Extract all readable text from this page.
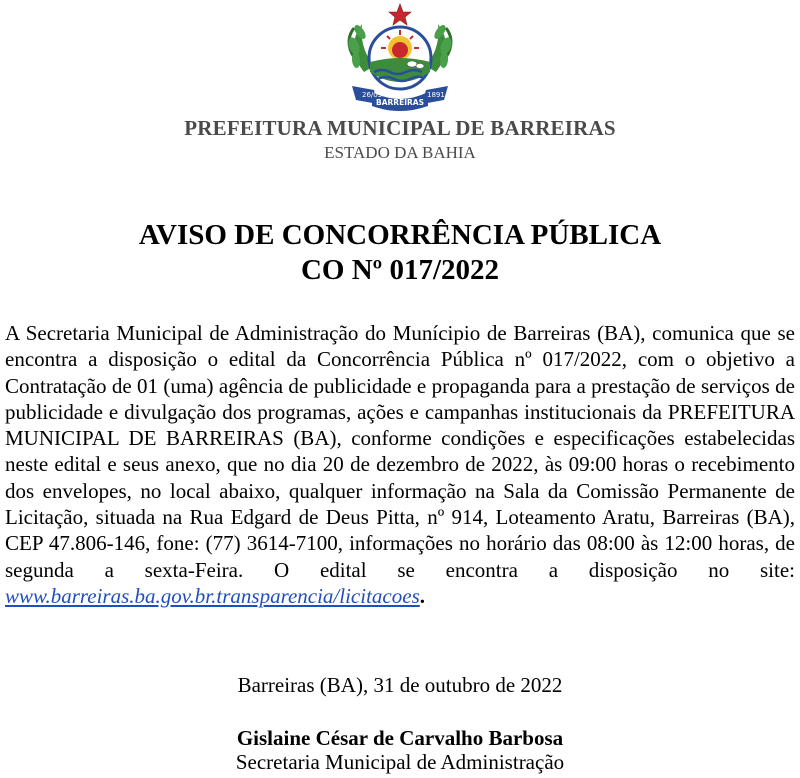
26/05	1891
BARREIRAS
PREFEITURA MUNICIPAL DE BARREIRAS
ESTADO DA BAHIA
AVISO DE CONCORRÊNCIA PÚBLICA
CO Nº 017/2022

A Secretaria Municipal de Administração do Munícipio de Barreiras (BA), comunica que se encontra a disposição o edital da Concorrência Pública nº 017/2022, com o objetivo a Contratação de 01 (uma) agência de publicidade e propaganda para a prestação de serviços de publicidade e divulgação dos programas, ações e campanhas institucionais da PREFEITURA MUNICIPAL DE BARREIRAS (BA), conforme condições e especificações estabelecidas neste edital e seus anexo, que no dia 20 de dezembro de 2022, às 09:00 horas o recebimento dos envelopes, no local abaixo, qualquer informação na Sala da Comissão Permanente de Licitação, situada na Rua Edgard de Deus Pitta, nº 914, Loteamento Aratu, Barreiras (BA), CEP 47.806-146, fone: (77) 3614-7100, informações no horário das 08:00 às 12:00 horas, de segunda a sexta-Feira. O edital se encontra a disposição no site: www.barreiras.ba.gov.br.transparencia/licitacoes.

Barreiras (BA), 31 de outubro de 2022
Gislaine César de Carvalho Barbosa
Secretaria Municipal de Administração
